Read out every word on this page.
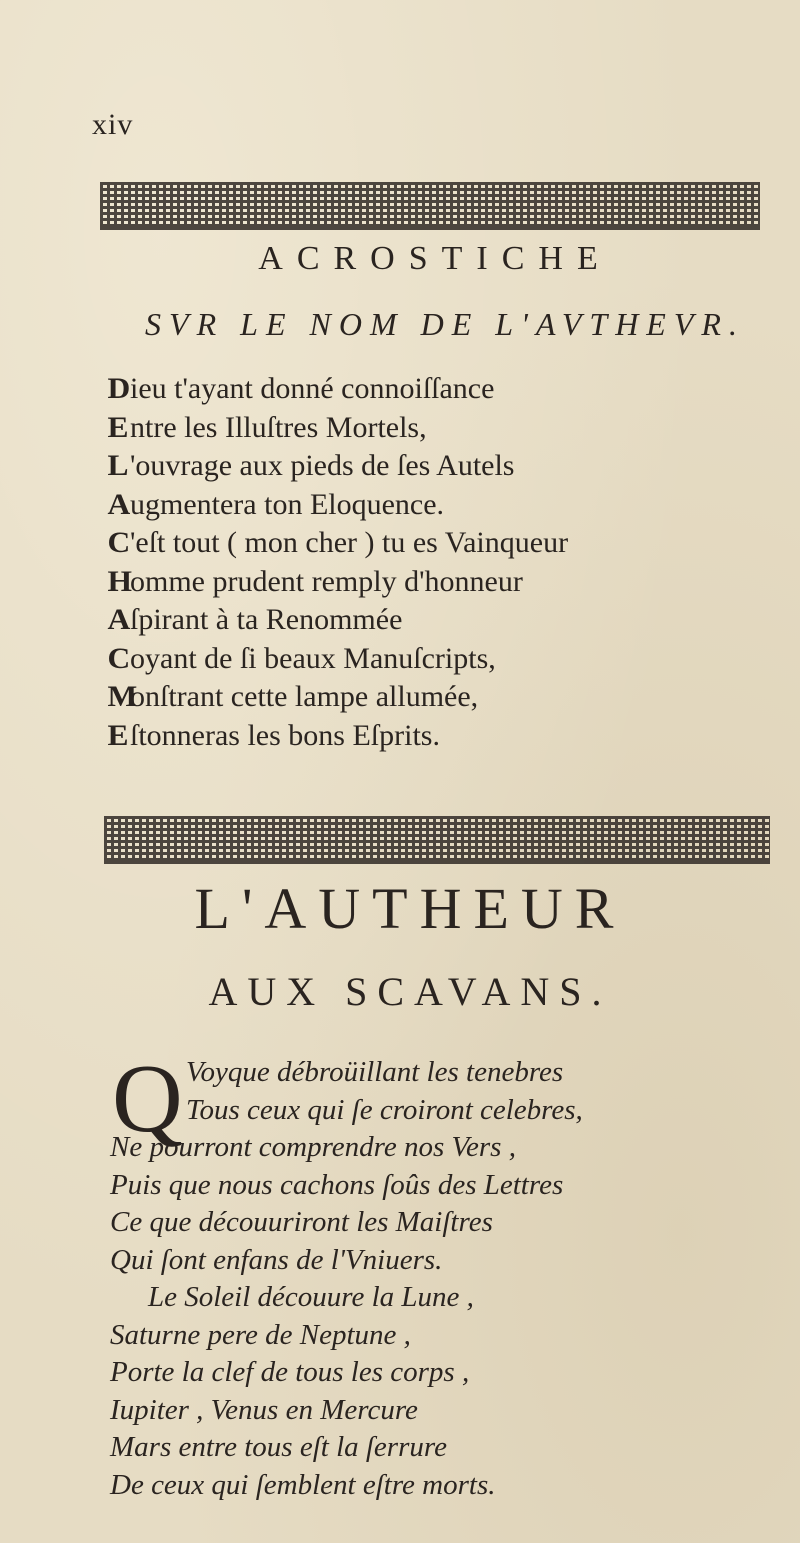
xiv
ACROSTICHE
SVR LE NOM DE L'AVTHEVR.
Dieu t'ayant donné connoiſſance
Entre les Illuſtres Mortels,
L'ouvrage aux pieds de ſes Autels
Augmentera ton Eloquence.
C'eſt tout ( mon cher ) tu es Vainqueur
Homme prudent remply d'honneur
Aſpirant à ta Renommée
Coyant de ſi beaux Manuſcripts,
Monſtrant cette lampe allumée,
Eſtonneras les bons Eſprits.
L'AUTHEUR
AUX SCAVANS.
Q Voyque débroüillant les tenebres
Tous ceux qui ſe croiront celebres,
Ne pourront comprendre nos Vers ,
Puis que nous cachons ſoûs des Lettres
Ce que découuriront les Maiſtres
Qui ſont enfans de l'Vniuers.
Le Soleil découure la Lune ,
Saturne pere de Neptune ,
Porte la clef de tous les corps ,
Iupiter , Venus en Mercure
Mars entre tous eſt la ſerrure
De ceux qui ſemblent eſtre morts.
